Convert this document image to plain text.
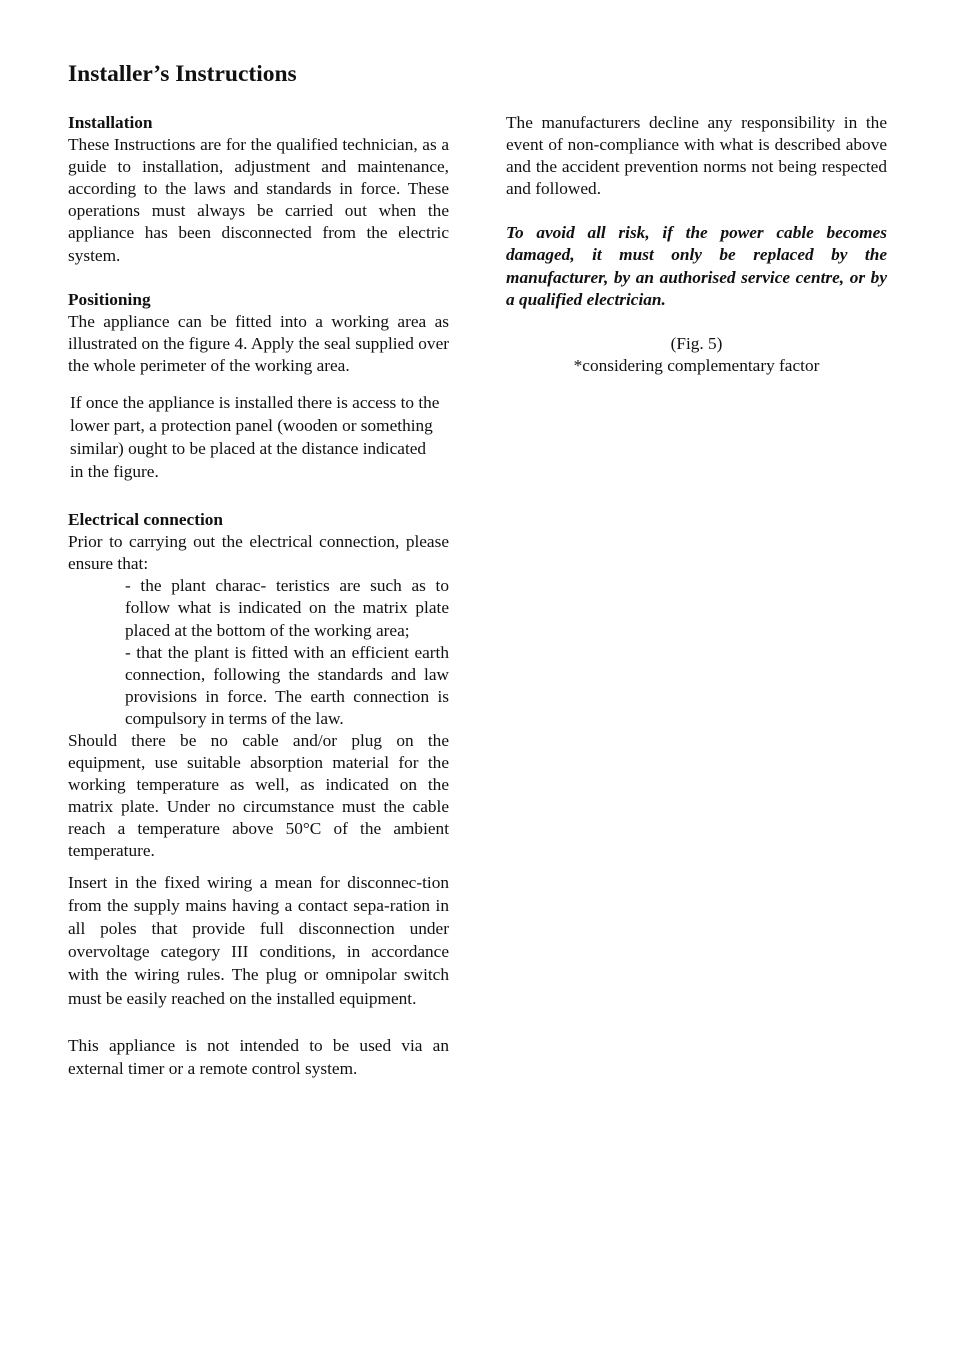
Installer’s Instructions
Installation

These Instructions are for the qualified technician, as a guide to installation, adjustment and maintenance, according to the laws and standards in force. These operations must always be carried out when the appliance has been disconnected from the electric system.

Positioning

The appliance can be fitted into a working area as illustrated on the figure 4. Apply the seal supplied over the whole perimeter of the working area.

If once the appliance is installed there is access to the lower part, a protection panel (wooden or something similar) ought to be placed at the distance indicated in the figure.

Electrical connection

Prior to carrying out the electrical connection, please ensure that:

- the plant charac- teristics are such as to follow what is indicated on the matrix plate placed at the bottom of the working area;

- that the plant is fitted with an efficient earth connection, following the standards and law provisions in force. The earth connection is compulsory in terms of the law.

Should there be no cable and/or plug on the equipment, use suitable absorption material for the working temperature as well, as indicated on the matrix plate. Under no circumstance must the cable reach a temperature above 50°C of the ambient temperature.

Insert in the fixed wiring a mean for disconnec-tion from the supply mains having a contact sepa-ration in all poles that provide full disconnection under overvoltage category III conditions, in accordance with the wiring rules. The plug or omnipolar switch must be easily reached on the installed equipment.

This appliance is not intended to be used via an external timer or a remote control system.

The manufacturers decline any responsibility in the event of non-compliance with what is described above and the accident prevention norms not being respected and followed.

To avoid all risk, if the power cable becomes damaged, it must only be replaced by the manufacturer, by an authorised service centre, or by a qualified electrician.

(Fig. 5)

*considering complementary factor
